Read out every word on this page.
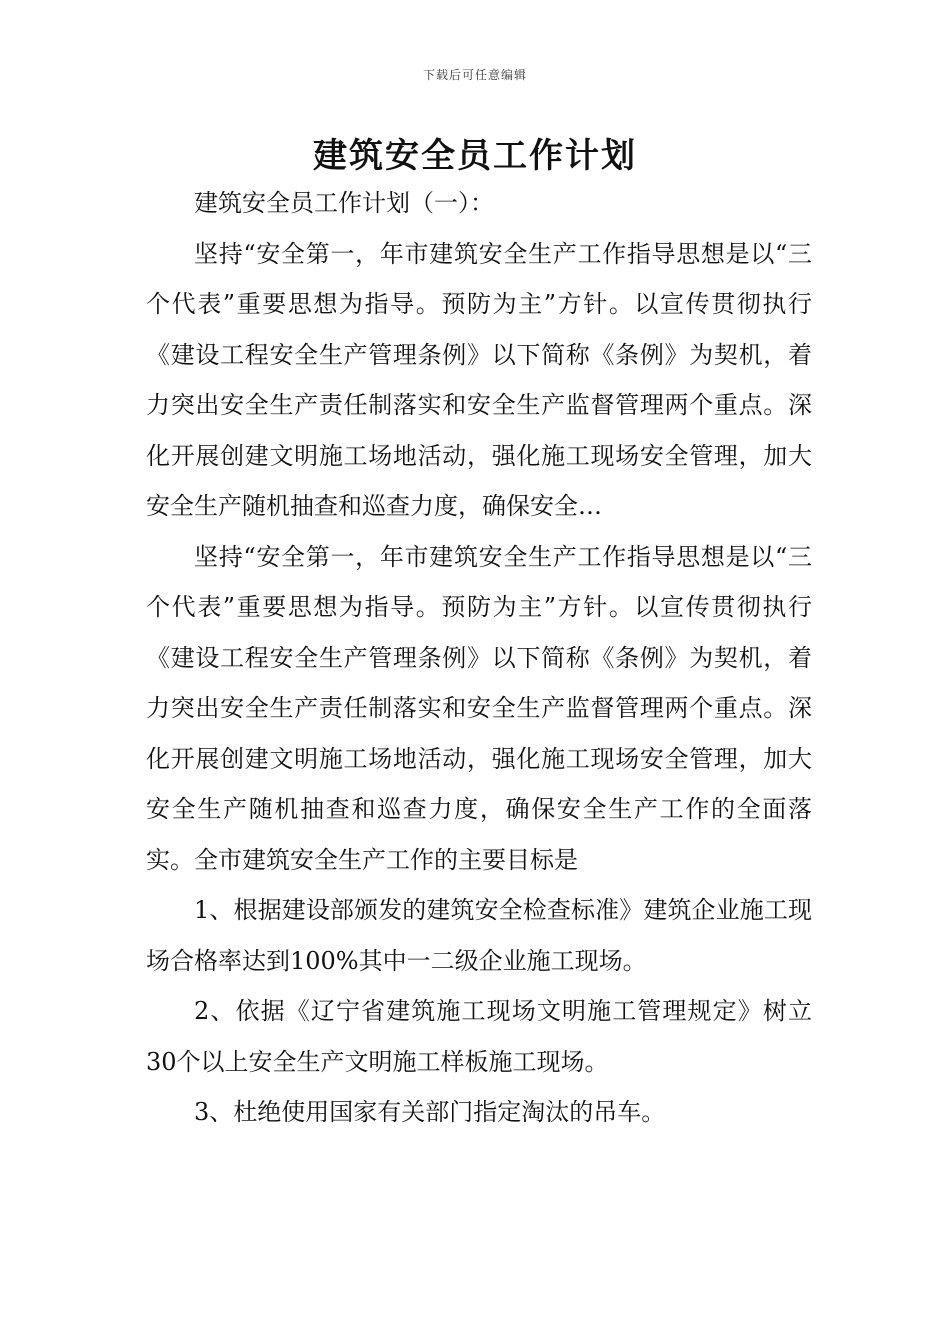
下载后可任意编辑
建筑安全员工作计划

建筑安全员工作计划（一）：

坚持“安全第一，年市建筑安全生产工作指导思想是以“三个代表”重要思想为指导。预防为主”方针。以宣传贯彻执行《建设工程安全生产管理条例》以下简称《条例》为契机，着力突出安全生产责任制落实和安全生产监督管理两个重点。深化开展创建文明施工场地活动，强化施工现场安全管理，加大安全生产随机抽查和巡查力度，确保安全…

坚持“安全第一，年市建筑安全生产工作指导思想是以“三个代表”重要思想为指导。预防为主”方针。以宣传贯彻执行《建设工程安全生产管理条例》以下简称《条例》为契机，着力突出安全生产责任制落实和安全生产监督管理两个重点。深化开展创建文明施工场地活动，强化施工现场安全管理，加大安全生产随机抽查和巡查力度，确保安全生产工作的全面落实。全市建筑安全生产工作的主要目标是

1、根据建设部颁发的建筑安全检查标准》建筑企业施工现场合格率达到100%其中一二级企业施工现场。

2、依据《辽宁省建筑施工现场文明施工管理规定》树立30个以上安全生产文明施工样板施工现场。

3、杜绝使用国家有关部门指定淘汰的吊车。
